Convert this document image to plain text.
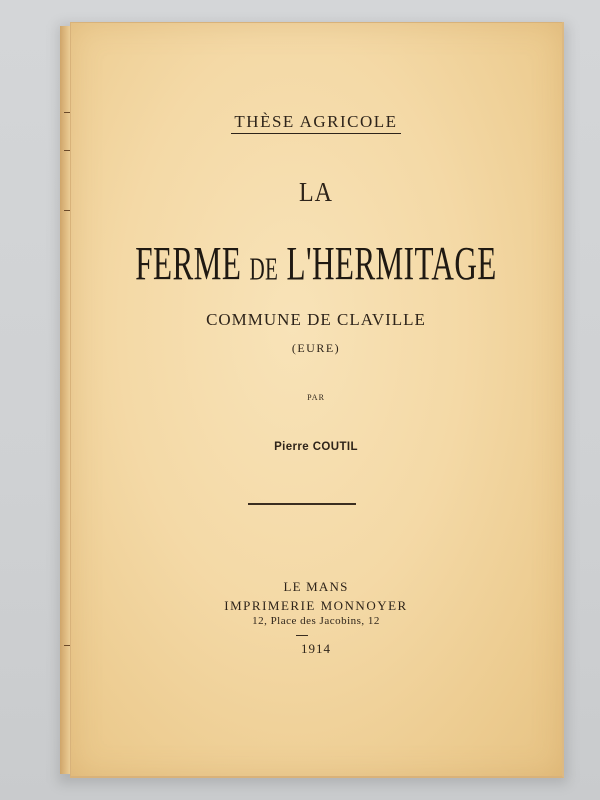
THÈSE AGRICOLE
LA
FERME DE L'HERMITAGE
COMMUNE DE CLAVILLE
(EURE)
PAR
Pierre COUTIL
LE MANS
IMPRIMERIE MONNOYER
12, Place des Jacobins, 12
1914
